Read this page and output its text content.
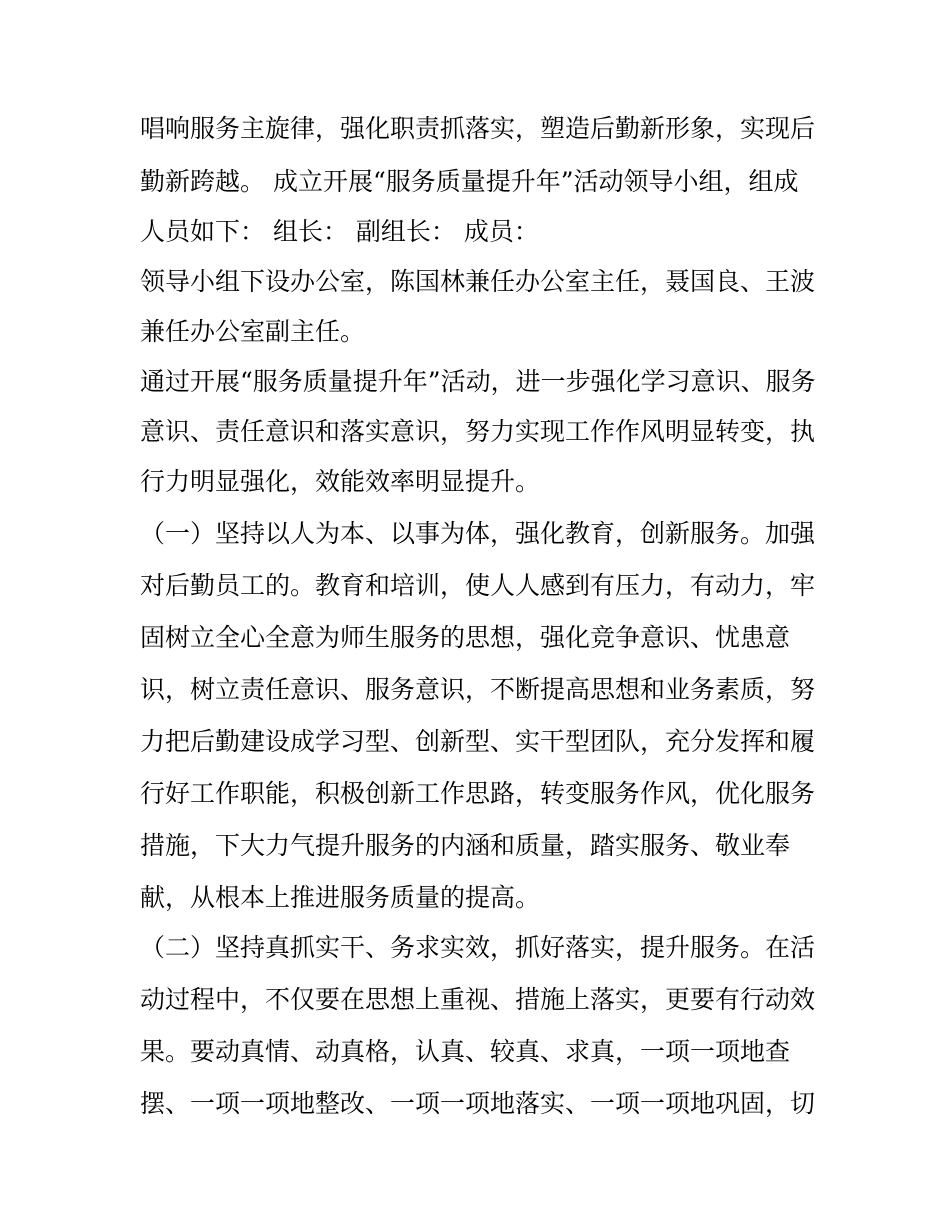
唱响服务主旋律，强化职责抓落实，塑造后勤新形象，实现后
勤新跨越。 成立开展“服务质量提升年”活动领导小组，组成
人员如下： 组长： 副组长： 成员：
领导小组下设办公室，陈国林兼任办公室主任，聂国良、王波
兼任办公室副主任。
通过开展“服务质量提升年”活动，进一步强化学习意识、服务
意识、责任意识和落实意识，努力实现工作作风明显转变，执
行力明显强化，效能效率明显提升。
（一）坚持以人为本、以事为体，强化教育，创新服务。加强
对后勤员工的。教育和培训，使人人感到有压力，有动力，牢
固树立全心全意为师生服务的思想，强化竞争意识、忧患意
识，树立责任意识、服务意识，不断提高思想和业务素质，努
力把后勤建设成学习型、创新型、实干型团队，充分发挥和履
行好工作职能，积极创新工作思路，转变服务作风，优化服务
措施，下大力气提升服务的内涵和质量，踏实服务、敬业奉
献，从根本上推进服务质量的提高。
（二）坚持真抓实干、务求实效，抓好落实，提升服务。在活
动过程中，不仅要在思想上重视、措施上落实，更要有行动效
果。要动真情、动真格，认真、较真、求真，一项一项地查
摆、一项一项地整改、一项一项地落实、一项一项地巩固，切
